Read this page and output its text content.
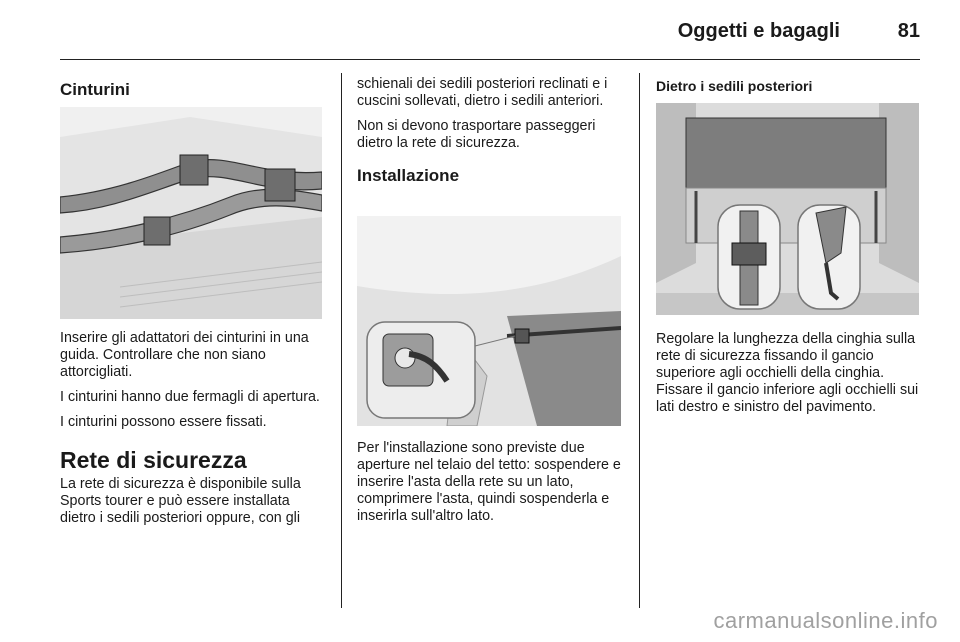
Oggetti e bagagli	81
Cinturini

Inserire gli adattatori dei cinturini in una guida. Controllare che non siano attorcigliati.

I cinturini hanno due fermagli di apertura.

I cinturini possono essere fissati.

Rete di sicurezza

La rete di sicurezza è disponibile sulla Sports tourer e può essere installata dietro i sedili posteriori oppure, con gli

schienali dei sedili posteriori reclinati e i cuscini sollevati, dietro i sedili anteriori.

Non si devono trasportare passeggeri dietro la rete di sicurezza.

Installazione

Per l'installazione sono previste due aperture nel telaio del tetto: sospendere e inserire l'asta della rete su un lato, comprimere l'asta, quindi sospenderla e inserirla sull'altro lato.

Dietro i sedili posteriori

Regolare la lunghezza della cinghia sulla rete di sicurezza fissando il gancio superiore agli occhielli della cinghia. Fissare il gancio inferiore agli occhielli sui lati destro e sinistro del pavimento.

carmanualsonline.info
